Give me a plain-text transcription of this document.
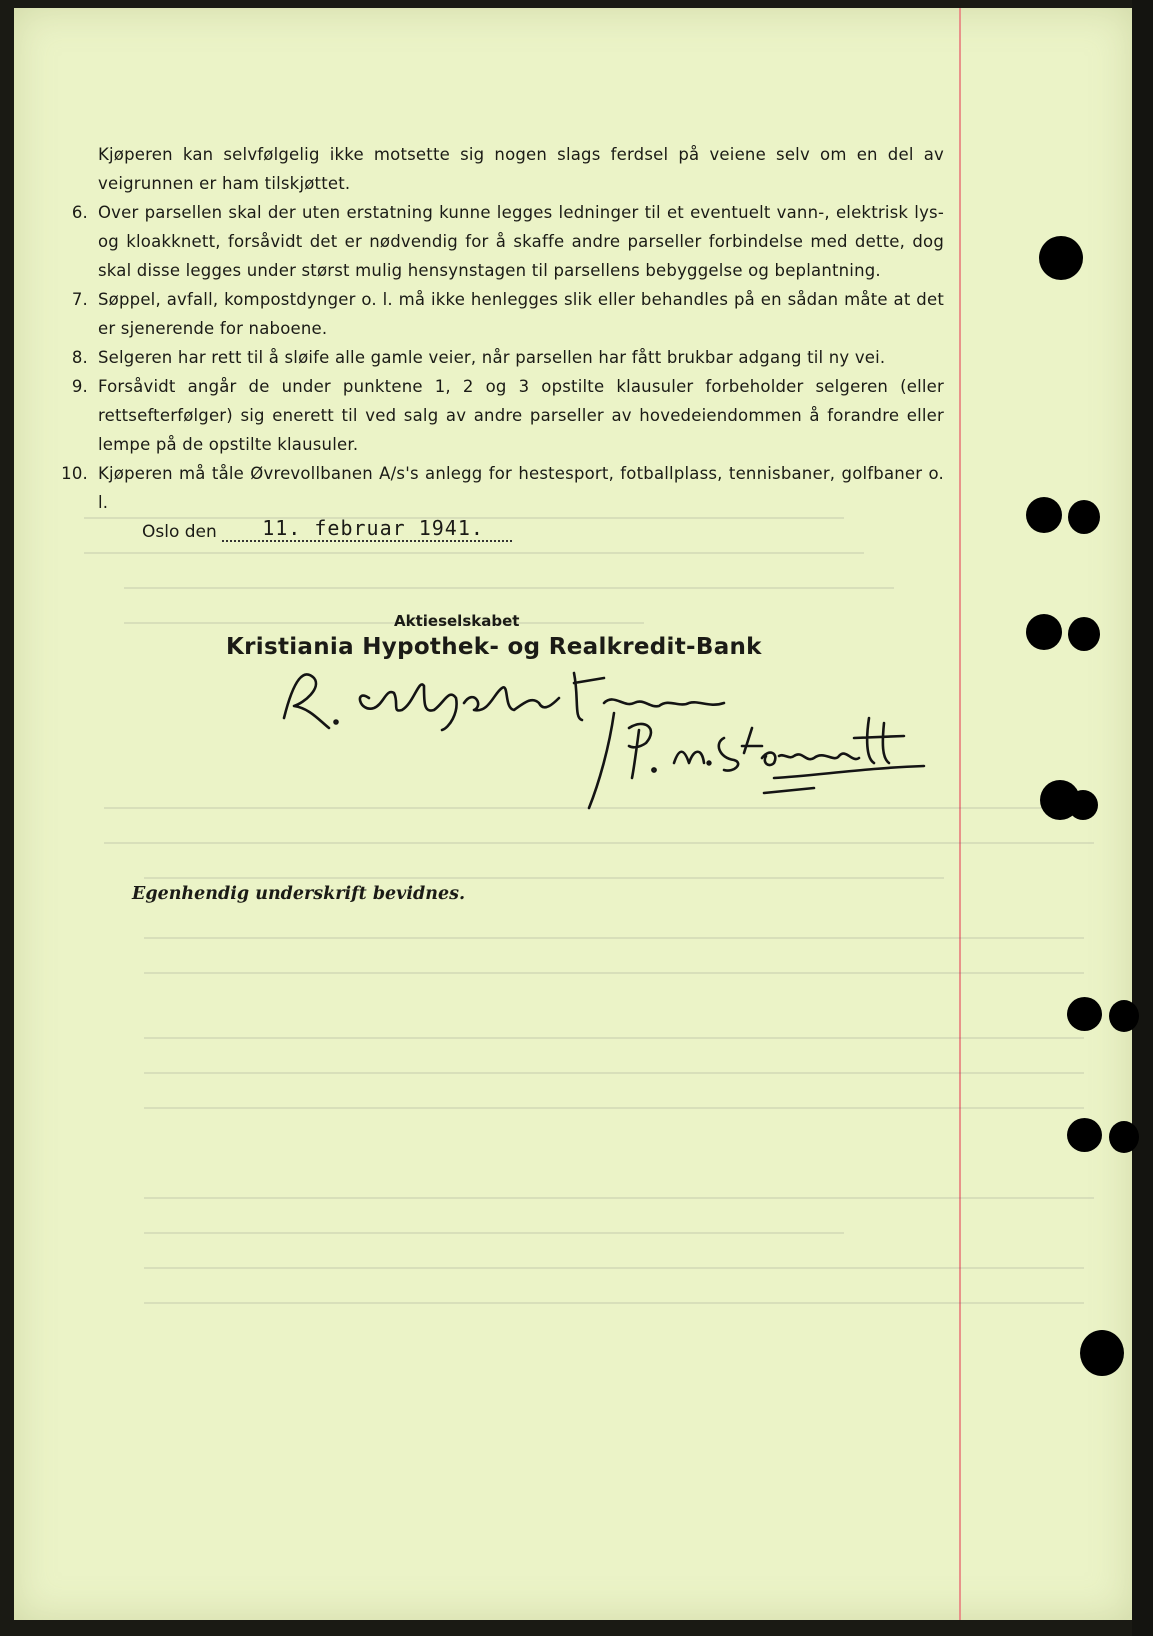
Kjøperen kan selvfølgelig ikke motsette sig nogen slags ferdsel på veiene selv om en del av veigrunnen er ham tilskjøttet.
6. Over parsellen skal der uten erstatning kunne legges ledninger til et eventuelt vann-, elektrisk lys- og kloakknett, forsåvidt det er nødvendig for å skaffe andre parseller forbindelse med dette, dog skal disse legges under størst mulig hensynstagen til parsellens bebyggelse og beplantning.
7. Søppel, avfall, kompostdynger o. l. må ikke henlegges slik eller behandles på en sådan måte at det er sjenerende for naboene.
8. Selgeren har rett til å sløife alle gamle veier, når parsellen har fått brukbar adgang til ny vei.
9. Forsåvidt angår de under punktene 1, 2 og 3 opstilte klausuler forbeholder selgeren (eller rettsefterfølger) sig enerett til ved salg av andre parseller av hovedeiendommen å forandre eller lempe på de opstilte klausuler.
10. Kjøperen må tåle Øvrevollbanen A/s's anlegg for hestesport, fotballplass, tennisbaner, golfbaner o. l.
Oslo den 11. februar 1941.
Aktieselskabet
Kristiania Hypothek- og Realkredit-Bank
Egenhendig underskrift bevidnes.
